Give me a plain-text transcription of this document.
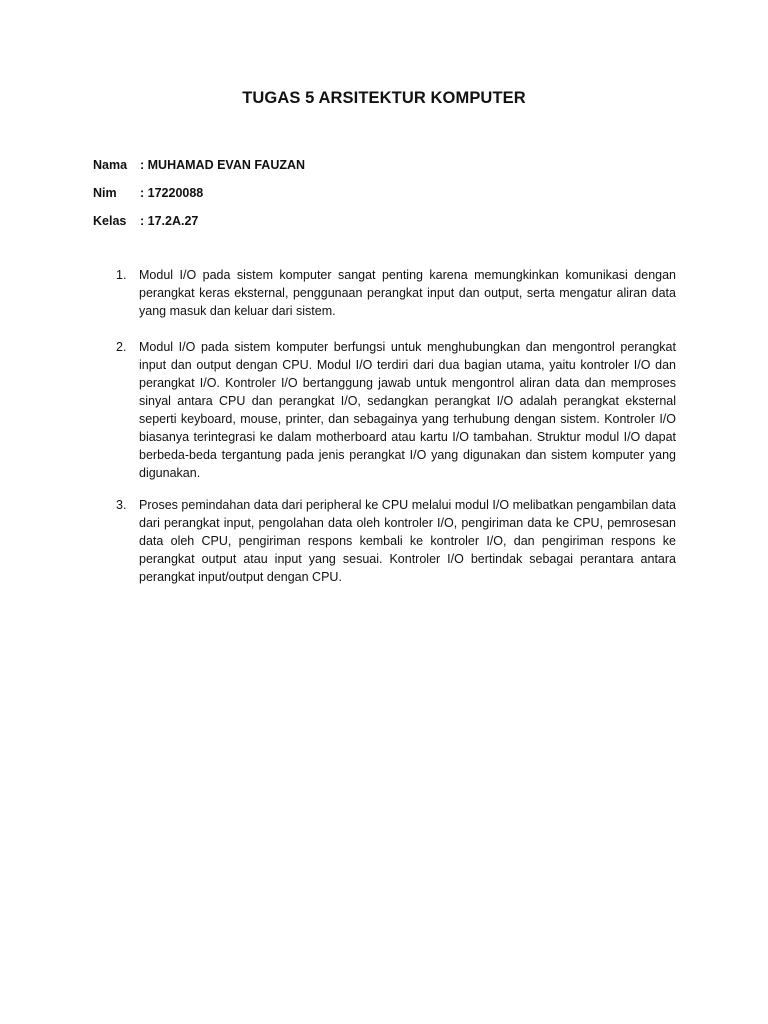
TUGAS 5 ARSITEKTUR KOMPUTER
Nama	: MUHAMAD EVAN FAUZAN
Nim	: 17220088
Kelas	: 17.2A.27
1.	Modul I/O pada sistem komputer sangat penting karena memungkinkan komunikasi dengan perangkat keras eksternal, penggunaan perangkat input dan output, serta mengatur aliran data yang masuk dan keluar dari sistem.
2.	Modul I/O pada sistem komputer berfungsi untuk menghubungkan dan mengontrol perangkat input dan output dengan CPU. Modul I/O terdiri dari dua bagian utama, yaitu kontroler I/O dan perangkat I/O. Kontroler I/O bertanggung jawab untuk mengontrol aliran data dan memproses sinyal antara CPU dan perangkat I/O, sedangkan perangkat I/O adalah perangkat eksternal seperti keyboard, mouse, printer, dan sebagainya yang terhubung dengan sistem. Kontroler I/O biasanya terintegrasi ke dalam motherboard atau kartu I/O tambahan. Struktur modul I/O dapat berbeda-beda tergantung pada jenis perangkat I/O yang digunakan dan sistem komputer yang digunakan.
3.	Proses pemindahan data dari peripheral ke CPU melalui modul I/O melibatkan pengambilan data dari perangkat input, pengolahan data oleh kontroler I/O, pengiriman data ke CPU, pemrosesan data oleh CPU, pengiriman respons kembali ke kontroler I/O, dan pengiriman respons ke perangkat output atau input yang sesuai. Kontroler I/O bertindak sebagai perantara antara perangkat input/output dengan CPU.
